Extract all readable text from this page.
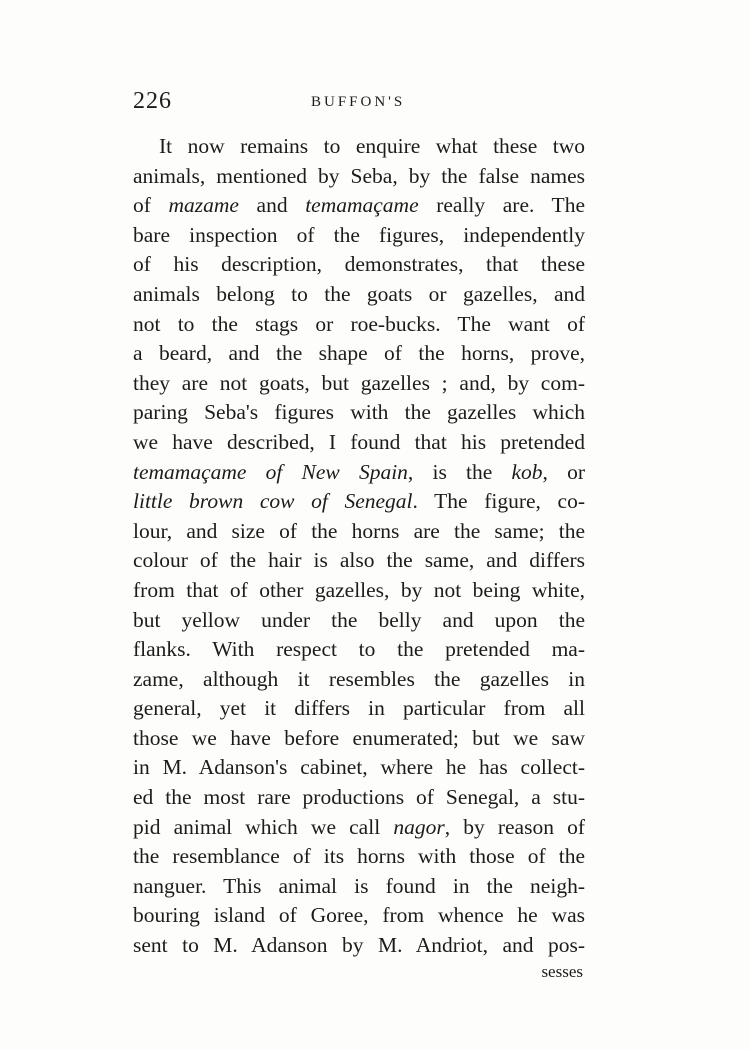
226	BUFFON'S
It now remains to enquire what these two
animals, mentioned by Seba, by the false names
of mazame and temamaçame really are. The
bare inspection of the figures, independently
of his description, demonstrates, that these
animals belong to the goats or gazelles, and
not to the stags or roe-bucks. The want of
a beard, and the shape of the horns, prove,
they are not goats, but gazelles ; and, by com-
paring Seba's figures with the gazelles which
we have described, I found that his pretended
temamaçame of New Spain, is the kob, or
little brown cow of Senegal. The figure, co-
lour, and size of the horns are the same; the
colour of the hair is also the same, and differs
from that of other gazelles, by not being white,
but yellow under the belly and upon the
flanks. With respect to the pretended ma-
zame, although it resembles the gazelles in
general, yet it differs in particular from all
those we have before enumerated; but we saw
in M. Adanson's cabinet, where he has collect-
ed the most rare productions of Senegal, a stu-
pid animal which we call nagor, by reason of
the resemblance of its horns with those of the
nanguer. This animal is found in the neigh-
bouring island of Goree, from whence he was
sent to M. Adanson by M. Andriot, and pos-
sesses
